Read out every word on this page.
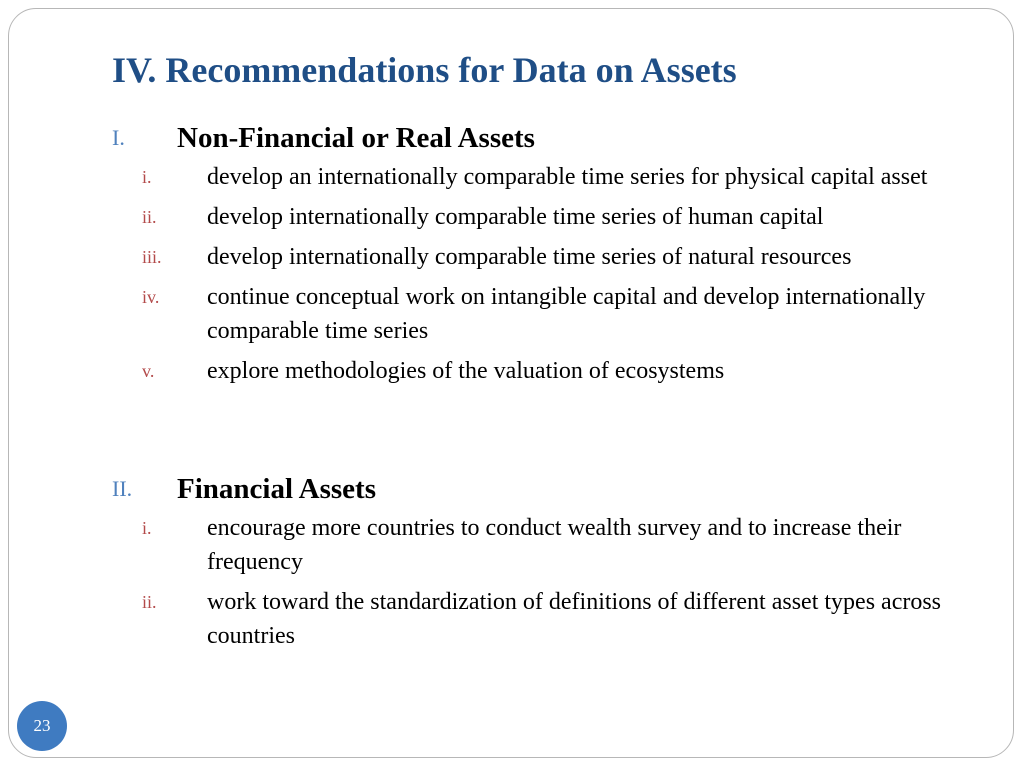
IV. Recommendations for Data on Assets
I. Non-Financial or Real Assets
i. develop an internationally comparable time series for physical capital asset
ii. develop internationally comparable time series of human capital
iii. develop internationally comparable time series of natural resources
iv. continue conceptual work on intangible capital and develop internationally comparable time series
v. explore methodologies of the valuation of ecosystems
II. Financial Assets
i. encourage more countries to conduct wealth survey and to increase their frequency
ii. work toward the standardization of definitions of different asset types across countries
23
